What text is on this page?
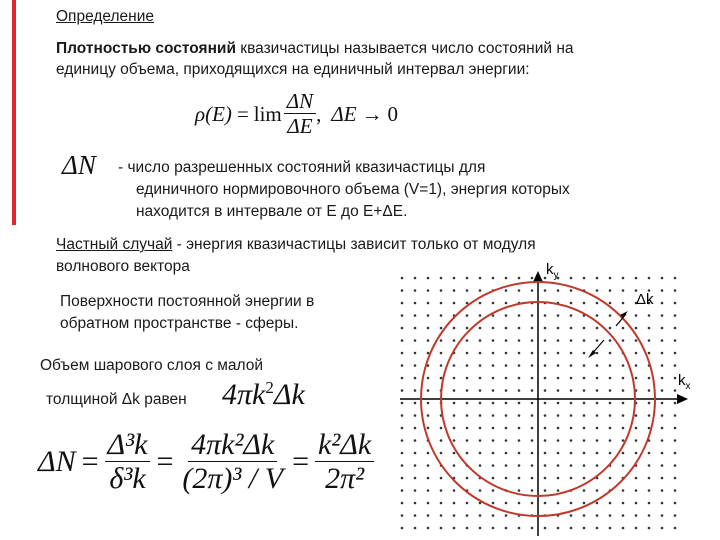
Определение
Плотностью состояний квазичастицы называется число состояний на
единицу объема, приходящихся на единичный интервал энергии:
ρ $(E) = \lim \frac{\Delta N}{\Delta E}$ , ΔE → 0
ΔN - число разрешенных состояний квазичастицы для
единичного нормировочного объема (V=1), энергия которых
находится в интервале от Е до Е+ΔЕ.
Частный случай - энергия квазичастицы зависит только от модуля
волнового вектора
Поверхности постоянной энергии в
обратном пространстве - сферы.
Объем шарового слоя с малой
толщиной Δk равен $4\pi k^2\Delta k$
$\Delta N = \frac{\text{Δ³k}}{\text{δ³k}} = \frac{\text{4πk²Δk}}{\text{(2π)³ / V}} = \frac{\text{k²Δk}}{\text{2π²}}$
$k_y$
$k_x$
Δk
